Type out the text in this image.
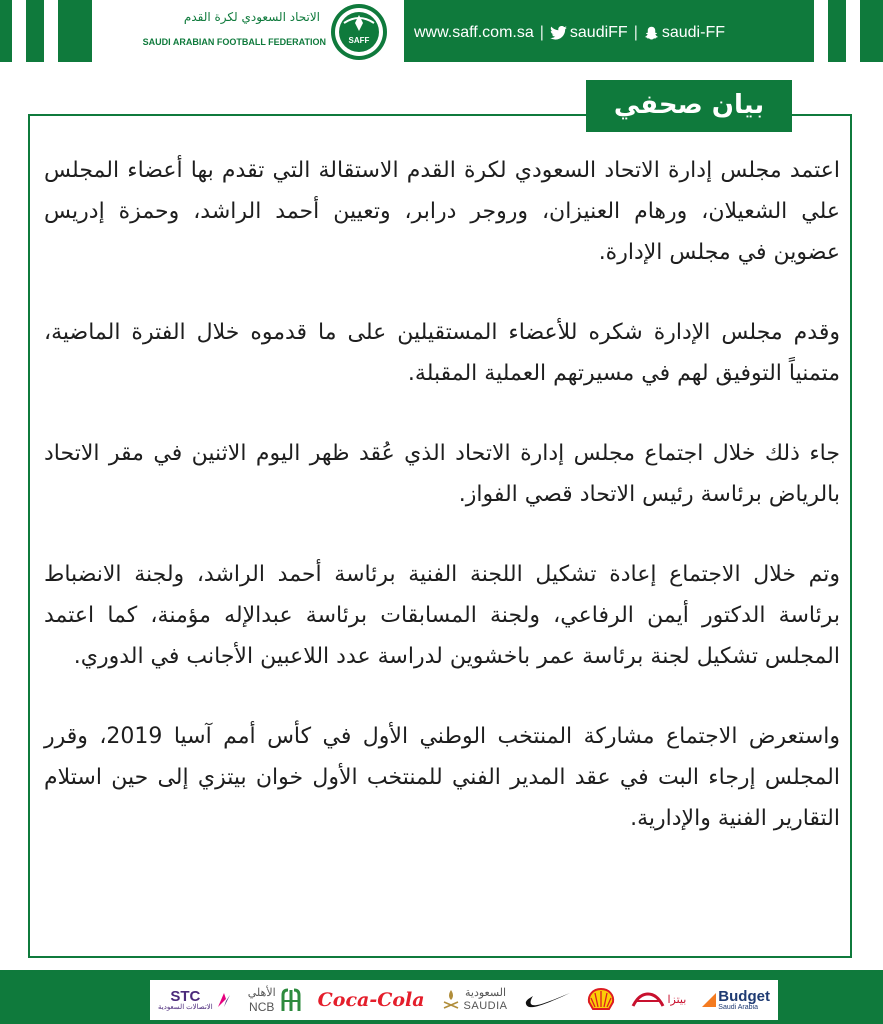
الاتحاد السعودي لكرة القدم
SAUDI ARABIAN FOOTBALL FEDERATION	SAFF	www.saff.com.sa | saudiFF | saudi-FF
بيان صحفي

اعتمد مجلس إدارة الاتحاد السعودي لكرة القدم الاستقالة التي تقدم بها أعضاء المجلس علي الشعيلان، ورهام العنيزان، وروجر درابر، وتعيين أحمد الراشد، وحمزة إدريس عضوين في مجلس الإدارة.

وقدم مجلس الإدارة شكره للأعضاء المستقيلين على ما قدموه خلال الفترة الماضية، متمنياً التوفيق لهم في مسيرتهم العملية المقبلة.

جاء ذلك خلال اجتماع مجلس إدارة الاتحاد الذي عُقد ظهر اليوم الاثنين في مقر الاتحاد بالرياض برئاسة رئيس الاتحاد قصي الفواز.

وتم خلال الاجتماع إعادة تشكيل اللجنة الفنية برئاسة أحمد الراشد، ولجنة الانضباط برئاسة الدكتور أيمن الرفاعي، ولجنة المسابقات برئاسة عبدالإله مؤمنة، كما اعتمد المجلس تشكيل لجنة برئاسة عمر باخشوين لدراسة عدد اللاعبين الأجانب في الدوري.

واستعرض الاجتماع مشاركة المنتخب الوطني الأول في كأس أمم آسيا 2019، وقرر المجلس إرجاء البت في عقد المدير الفني للمنتخب الأول خوان بيتزي إلى حين استلام التقارير الفنية والإدارية.

STC
الاتصالات السعودية
الأهلي
NCB Coca-Cola	السعودية
SAUDIA
بيتزا Budget
Saudi Arabia
